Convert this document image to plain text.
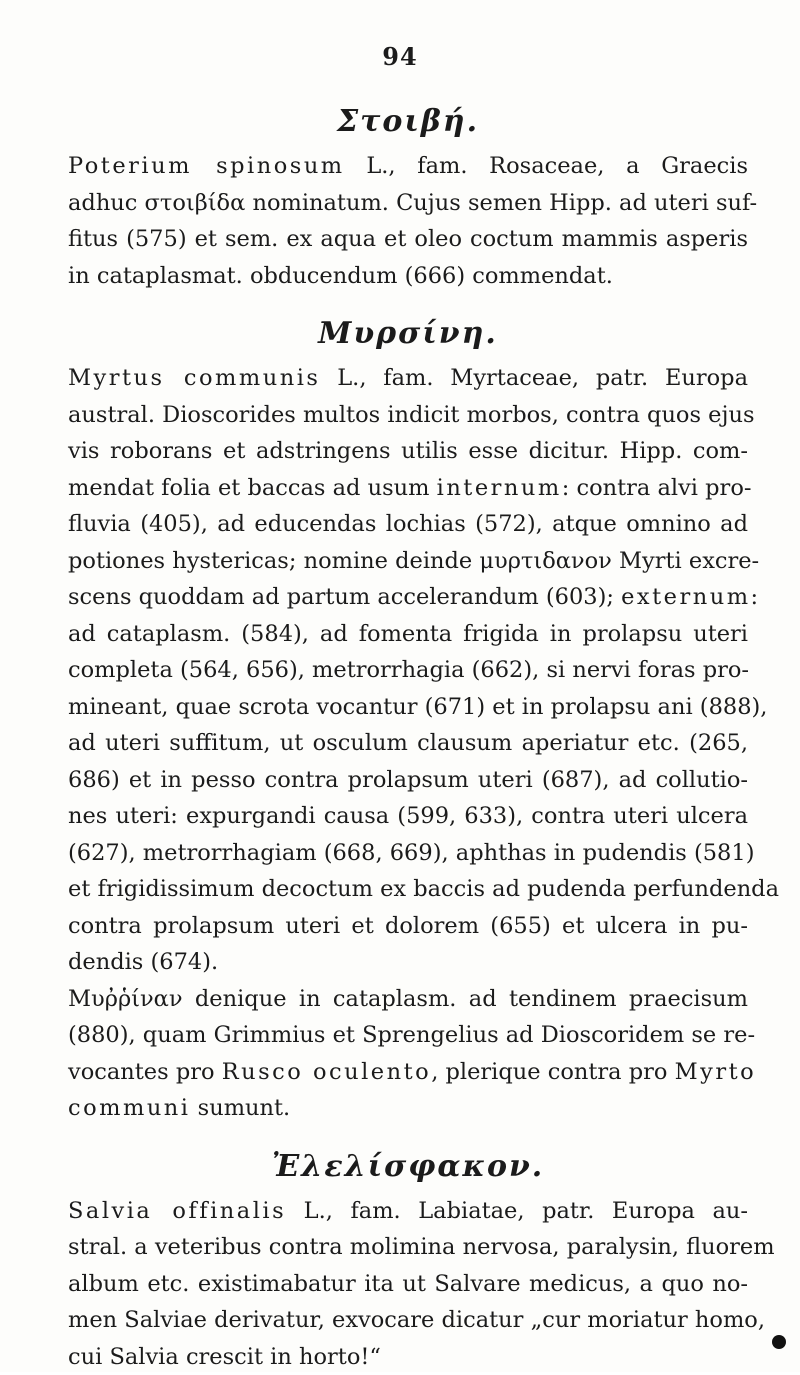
94
Στοιβή.

Poterium spinosum L., fam. Rosaceae, a Graecis
adhuc στοιβίδα nominatum. Cujus semen Hipp. ad uteri suf-
fitus (575) et sem. ex aqua et oleo coctum mammis asperis
in cataplasmat. obducendum (666) commendat.

Μυρσίνη.

Myrtus communis L., fam. Myrtaceae, patr. Europa
austral. Dioscorides multos indicit morbos, contra quos ejus
vis roborans et adstringens utilis esse dicitur. Hipp. com-
mendat folia et baccas ad usum internum: contra alvi pro-
fluvia (405), ad educendas lochias (572), atque omnino ad
potiones hystericas; nomine deinde μυρτιδανον Myrti excre-
scens quoddam ad partum accelerandum (603); externum:
ad cataplasm. (584), ad fomenta frigida in prolapsu uteri
completa (564, 656), metrorrhagia (662), si nervi foras pro-
mineant, quae scrota vocantur (671) et in prolapsu ani (888),
ad uteri suffitum, ut osculum clausum aperiatur etc. (265,
686) et in pesso contra prolapsum uteri (687), ad collutio-
nes uteri: expurgandi causa (599, 633), contra uteri ulcera
(627), metrorrhagiam (668, 669), aphthas in pudendis (581)
et frigidissimum decoctum ex baccis ad pudenda perfundenda
contra prolapsum uteri et dolorem (655) et ulcera in pu-
dendis (674).
Μυῤῥίναν denique in cataplasm. ad tendinem praecisum
(880), quam Grimmius et Sprengelius ad Dioscoridem se re-
vocantes pro Rusco oculento, plerique contra pro Myrto
communi sumunt.

Ἐλελίσφακον.

Salvia offinalis L., fam. Labiatae, patr. Europa au-
stral. a veteribus contra molimina nervosa, paralysin, fluorem
album etc. existimabatur ita ut Salvare medicus, a quo no-
men Salviae derivatur, exvocare dicatur „cur moriatur homo,
cui Salvia crescit in horto!“
